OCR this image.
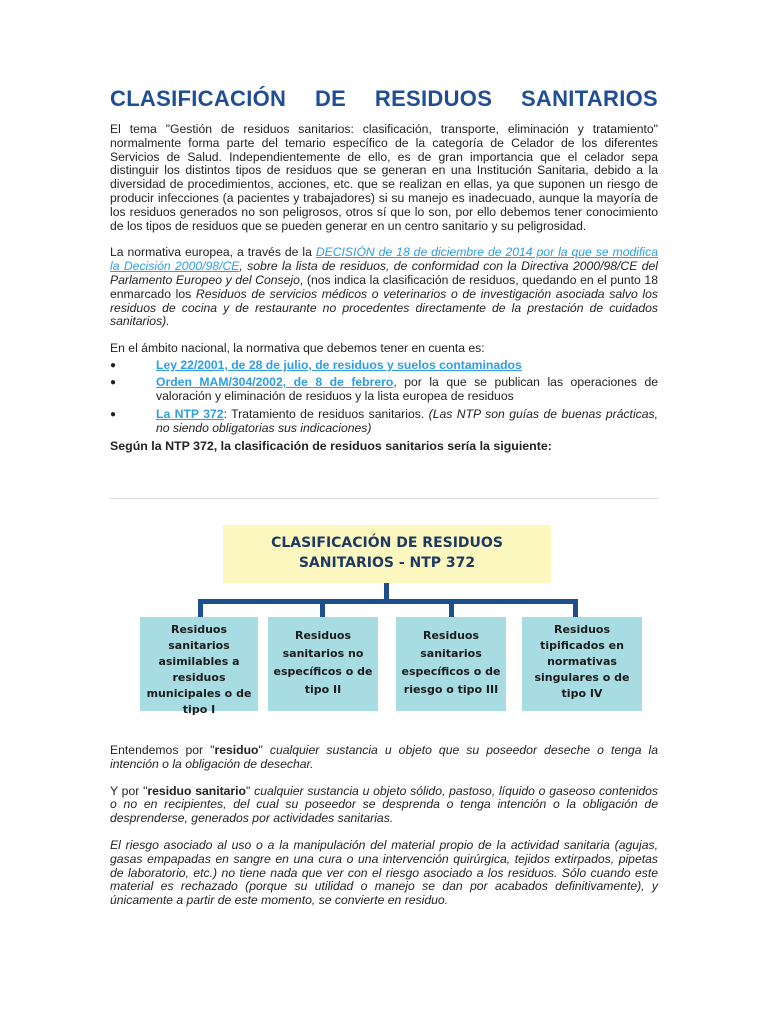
CLASIFICACIÓN DE RESIDUOS SANITARIOS

El tema "Gestión de residuos sanitarios: clasificación, transporte, eliminación y tratamiento" normalmente forma parte del temario específico de la categoría de Celador de los diferentes Servicios de Salud. Independientemente de ello, es de gran importancia que el celador sepa distinguir los distintos tipos de residuos que se generan en una Institución Sanitaria, debido a la diversidad de procedimientos, acciones, etc. que se realizan en ellas, ya que suponen un riesgo de producir infecciones (a pacientes y trabajadores) si su manejo es inadecuado, aunque la mayoría de los residuos generados no son peligrosos, otros sí que lo son, por ello debemos tener conocimiento de los tipos de residuos que se pueden generar en un centro sanitario y su peligrosidad.

La normativa europea, a través de la DECISIÓN de 18 de diciembre de 2014 por la que se modifica la Decisión 2000/98/CE, sobre la lista de residuos, de conformidad con la Directiva 2000/98/CE del Parlamento Europeo y del Consejo, (nos indica la clasificación de residuos, quedando en el punto 18 enmarcado los Residuos de servicios médicos o veterinarios o de investigación asociada salvo los residuos de cocina y de restaurante no procedentes directamente de la prestación de cuidados sanitarios).

En el ámbito nacional, la normativa que debemos tener en cuenta es:

●	Ley 22/2001, de 28 de julio, de residuos y suelos contaminados
●	Orden MAM/304/2002, de 8 de febrero, por la que se publican las operaciones de valoración y eliminación de residuos y la lista europea de residuos
●	La NTP 372: Tratamiento de residuos sanitarios. (Las NTP son guías de buenas prácticas, no siendo obligatorias sus indicaciones)

Según la NTP 372, la clasificación de residuos sanitarios sería la siguiente:

CLASIFICACIÓN DE RESIDUOS
SANITARIOS - NTP 372
Residuos sanitarios asimilables a residuos municipales o de tipo I
Residuos sanitarios no específicos o de tipo II
Residuos sanitarios específicos o de riesgo o tipo III
Residuos tipificados en normativas singulares o de tipo IV

Entendemos por "residuo" cualquier sustancia u objeto que su poseedor deseche o tenga la intención o la obligación de desechar.

Y por "residuo sanitario" cualquier sustancia u objeto sólido, pastoso, líquido o gaseoso contenidos o no en recipientes, del cual su poseedor se desprenda o tenga intención o la obligación de desprenderse, generados por actividades sanitarias.

El riesgo asociado al uso o a la manipulación del material propio de la actividad sanitaria (agujas, gasas empapadas en sangre en una cura o una intervención quirúrgica, tejidos extirpados, pipetas de laboratorio, etc.) no tiene nada que ver con el riesgo asociado a los residuos. Sólo cuando este material es rechazado (porque su utilidad o manejo se dan por acabados definitivamente), y únicamente a partir de este momento, se convierte en residuo.
